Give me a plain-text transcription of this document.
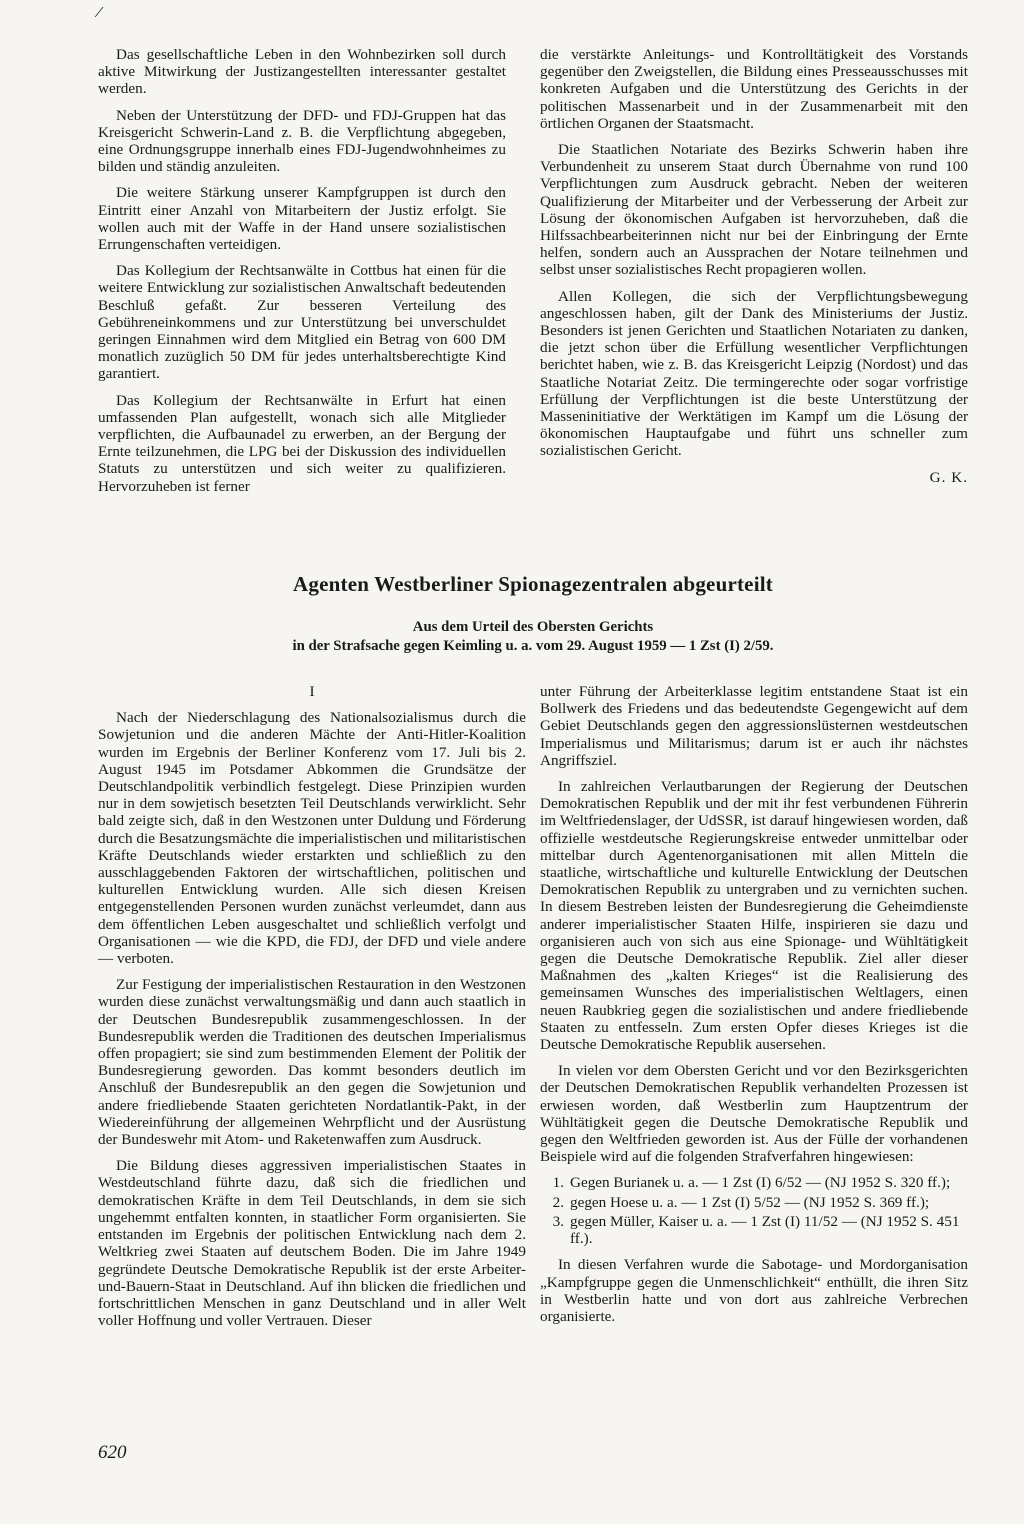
⁄

Das gesellschaftliche Leben in den Wohnbezirken soll durch aktive Mitwirkung der Justizangestellten interessanter gestaltet werden.

Neben der Unterstützung der DFD- und FDJ-Gruppen hat das Kreisgericht Schwerin-Land z. B. die Verpflichtung abgegeben, eine Ordnungsgruppe innerhalb eines FDJ-Jugendwohnheimes zu bilden und ständig anzuleiten.

Die weitere Stärkung unserer Kampfgruppen ist durch den Eintritt einer Anzahl von Mitarbeitern der Justiz erfolgt. Sie wollen auch mit der Waffe in der Hand unsere sozialistischen Errungenschaften verteidigen.

Das Kollegium der Rechtsanwälte in Cottbus hat einen für die weitere Entwicklung zur sozialistischen Anwaltschaft bedeutenden Beschluß gefaßt. Zur besseren Verteilung des Gebühreneinkommens und zur Unterstützung bei unverschuldet geringen Einnahmen wird dem Mitglied ein Betrag von 600 DM monatlich zuzüglich 50 DM für jedes unterhaltsberechtigte Kind garantiert.

Das Kollegium der Rechtsanwälte in Erfurt hat einen umfassenden Plan aufgestellt, wonach sich alle Mitglieder verpflichten, die Aufbaunadel zu erwerben, an der Bergung der Ernte teilzunehmen, die LPG bei der Diskussion des individuellen Statuts zu unterstützen und sich weiter zu qualifizieren. Hervorzuheben ist ferner

die verstärkte Anleitungs- und Kontrolltätigkeit des Vorstands gegenüber den Zweigstellen, die Bildung eines Presseausschusses mit konkreten Aufgaben und die Unterstützung des Gerichts in der politischen Massenarbeit und in der Zusammenarbeit mit den örtlichen Organen der Staatsmacht.

Die Staatlichen Notariate des Bezirks Schwerin haben ihre Verbundenheit zu unserem Staat durch Übernahme von rund 100 Verpflichtungen zum Ausdruck gebracht. Neben der weiteren Qualifizierung der Mitarbeiter und der Verbesserung der Arbeit zur Lösung der ökonomischen Aufgaben ist hervorzuheben, daß die Hilfssachbearbeiterinnen nicht nur bei der Einbringung der Ernte helfen, sondern auch an Aussprachen der Notare teilnehmen und selbst unser sozialistisches Recht propagieren wollen.

Allen Kollegen, die sich der Verpflichtungsbewegung angeschlossen haben, gilt der Dank des Ministeriums der Justiz. Besonders ist jenen Gerichten und Staatlichen Notariaten zu danken, die jetzt schon über die Erfüllung wesentlicher Verpflichtungen berichtet haben, wie z. B. das Kreisgericht Leipzig (Nordost) und das Staatliche Notariat Zeitz. Die termingerechte oder sogar vorfristige Erfüllung der Verpflichtungen ist die beste Unterstützung der Masseninitiative der Werktätigen im Kampf um die Lösung der ökonomischen Hauptaufgabe und führt uns schneller zum sozialistischen Gericht.

G. K.
Agenten Westberliner Spionagezentralen abgeurteilt
Aus dem Urteil des Obersten Gerichts
in der Strafsache gegen Keimling u. a. vom 29. August 1959 — 1 Zst (I) 2/59.

I

Nach der Niederschlagung des Nationalsozialismus durch die Sowjetunion und die anderen Mächte der Anti-Hitler-Koalition wurden im Ergebnis der Berliner Konferenz vom 17. Juli bis 2. August 1945 im Potsdamer Abkommen die Grundsätze der Deutschlandpolitik verbindlich festgelegt. Diese Prinzipien wurden nur in dem sowjetisch besetzten Teil Deutschlands verwirklicht. Sehr bald zeigte sich, daß in den Westzonen unter Duldung und Förderung durch die Besatzungsmächte die imperialistischen und militaristischen Kräfte Deutschlands wieder erstarkten und schließlich zu den ausschlaggebenden Faktoren der wirtschaftlichen, politischen und kulturellen Entwicklung wurden. Alle sich diesen Kreisen entgegenstellenden Personen wurden zunächst verleumdet, dann aus dem öffentlichen Leben ausgeschaltet und schließlich verfolgt und Organisationen — wie die KPD, die FDJ, der DFD und viele andere — verboten.

Zur Festigung der imperialistischen Restauration in den Westzonen wurden diese zunächst verwaltungsmäßig und dann auch staatlich in der Deutschen Bundesrepublik zusammengeschlossen. In der Bundesrepublik werden die Traditionen des deutschen Imperialismus offen propagiert; sie sind zum bestimmenden Element der Politik der Bundesregierung geworden. Das kommt besonders deutlich im Anschluß der Bundesrepublik an den gegen die Sowjetunion und andere friedliebende Staaten gerichteten Nordatlantik-Pakt, in der Wiedereinführung der allgemeinen Wehrpflicht und der Ausrüstung der Bundeswehr mit Atom- und Raketenwaffen zum Ausdruck.

Die Bildung dieses aggressiven imperialistischen Staates in Westdeutschland führte dazu, daß sich die friedlichen und demokratischen Kräfte in dem Teil Deutschlands, in dem sie sich ungehemmt entfalten konnten, in staatlicher Form organisierten. Sie entstanden im Ergebnis der politischen Entwicklung nach dem 2. Weltkrieg zwei Staaten auf deutschem Boden. Die im Jahre 1949 gegründete Deutsche Demokratische Republik ist der erste Arbeiter-und-Bauern-Staat in Deutschland. Auf ihn blicken die friedlichen und fortschrittlichen Menschen in ganz Deutschland und in aller Welt voller Hoffnung und voller Vertrauen. Dieser

unter Führung der Arbeiterklasse legitim entstandene Staat ist ein Bollwerk des Friedens und das bedeutendste Gegengewicht auf dem Gebiet Deutschlands gegen den aggressionslüsternen westdeutschen Imperialismus und Militarismus; darum ist er auch ihr nächstes Angriffsziel.

In zahlreichen Verlautbarungen der Regierung der Deutschen Demokratischen Republik und der mit ihr fest verbundenen Führerin im Weltfriedenslager, der UdSSR, ist darauf hingewiesen worden, daß offizielle westdeutsche Regierungskreise entweder unmittelbar oder mittelbar durch Agentenorganisationen mit allen Mitteln die staatliche, wirtschaftliche und kulturelle Entwicklung der Deutschen Demokratischen Republik zu untergraben und zu vernichten suchen. In diesem Bestreben leisten der Bundesregierung die Geheimdienste anderer imperialistischer Staaten Hilfe, inspirieren sie dazu und organisieren auch von sich aus eine Spionage- und Wühltätigkeit gegen die Deutsche Demokratische Republik. Ziel aller dieser Maßnahmen des „kalten Krieges“ ist die Realisierung des gemeinsamen Wunsches des imperialistischen Weltlagers, einen neuen Raubkrieg gegen die sozialistischen und andere friedliebende Staaten zu entfesseln. Zum ersten Opfer dieses Krieges ist die Deutsche Demokratische Republik ausersehen.

In vielen vor dem Obersten Gericht und vor den Bezirksgerichten der Deutschen Demokratischen Republik verhandelten Prozessen ist erwiesen worden, daß Westberlin zum Hauptzentrum der Wühltätigkeit gegen die Deutsche Demokratische Republik und gegen den Weltfrieden geworden ist. Aus der Fülle der vorhandenen Beispiele wird auf die folgenden Strafverfahren hingewiesen:

1. Gegen Burianek u. a. — 1 Zst (I) 6/52 — (NJ 1952 S. 320 ff.);
2. gegen Hoese u. a. — 1 Zst (I) 5/52 — (NJ 1952 S. 369 ff.);
3. gegen Müller, Kaiser u. a. — 1 Zst (I) 11/52 — (NJ 1952 S. 451 ff.).

In diesen Verfahren wurde die Sabotage- und Mordorganisation „Kampfgruppe gegen die Unmenschlichkeit“ enthüllt, die ihren Sitz in Westberlin hatte und von dort aus zahlreiche Verbrechen organisierte.

620
